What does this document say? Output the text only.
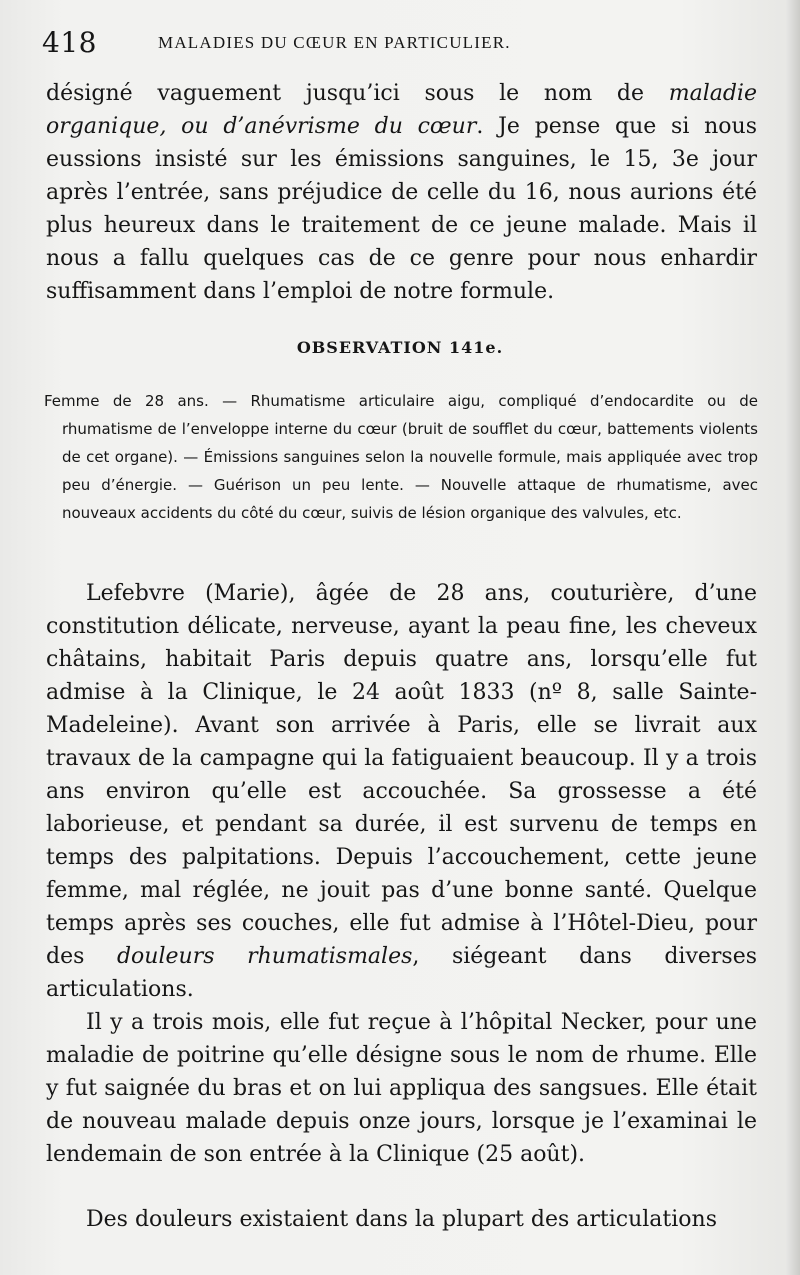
418	MALADIES DU CŒUR EN PARTICULIER.

désigné vaguement jusqu’ici sous le nom de maladie organique, ou d’anévrisme du cœur. Je pense que si nous eussions insisté sur les émissions sanguines, le 15, 3e jour après l’entrée, sans préjudice de celle du 16, nous aurions été plus heureux dans le traitement de ce jeune malade. Mais il nous a fallu quelques cas de ce genre pour nous enhardir suffisamment dans l’emploi de notre formule.

OBSERVATION 141e.

Femme de 28 ans. — Rhumatisme articulaire aigu, compliqué d’endocardite ou de rhumatisme de l’enveloppe interne du cœur (bruit de soufflet du cœur, battements violents de cet organe). — Émissions sanguines selon la nouvelle formule, mais appliquée avec trop peu d’énergie. — Guérison un peu lente. — Nouvelle attaque de rhumatisme, avec nouveaux accidents du côté du cœur, suivis de lésion organique des valvules, etc.

Lefebvre (Marie), âgée de 28 ans, couturière, d’une constitution délicate, nerveuse, ayant la peau fine, les cheveux châtains, habitait Paris depuis quatre ans, lorsqu’elle fut admise à la Clinique, le 24 août 1833 (nº 8, salle Sainte-Madeleine). Avant son arrivée à Paris, elle se livrait aux travaux de la campagne qui la fatiguaient beaucoup. Il y a trois ans environ qu’elle est accouchée. Sa grossesse a été laborieuse, et pendant sa durée, il est survenu de temps en temps des palpitations. Depuis l’accouchement, cette jeune femme, mal réglée, ne jouit pas d’une bonne santé. Quelque temps après ses couches, elle fut admise à l’Hôtel-Dieu, pour des douleurs rhumatismales, siégeant dans diverses articulations.

Il y a trois mois, elle fut reçue à l’hôpital Necker, pour une maladie de poitrine qu’elle désigne sous le nom de rhume. Elle y fut saignée du bras et on lui appliqua des sangsues. Elle était de nouveau malade depuis onze jours, lorsque je l’examinai le lendemain de son entrée à la Clinique (25 août).

Des douleurs existaient dans la plupart des articulations
